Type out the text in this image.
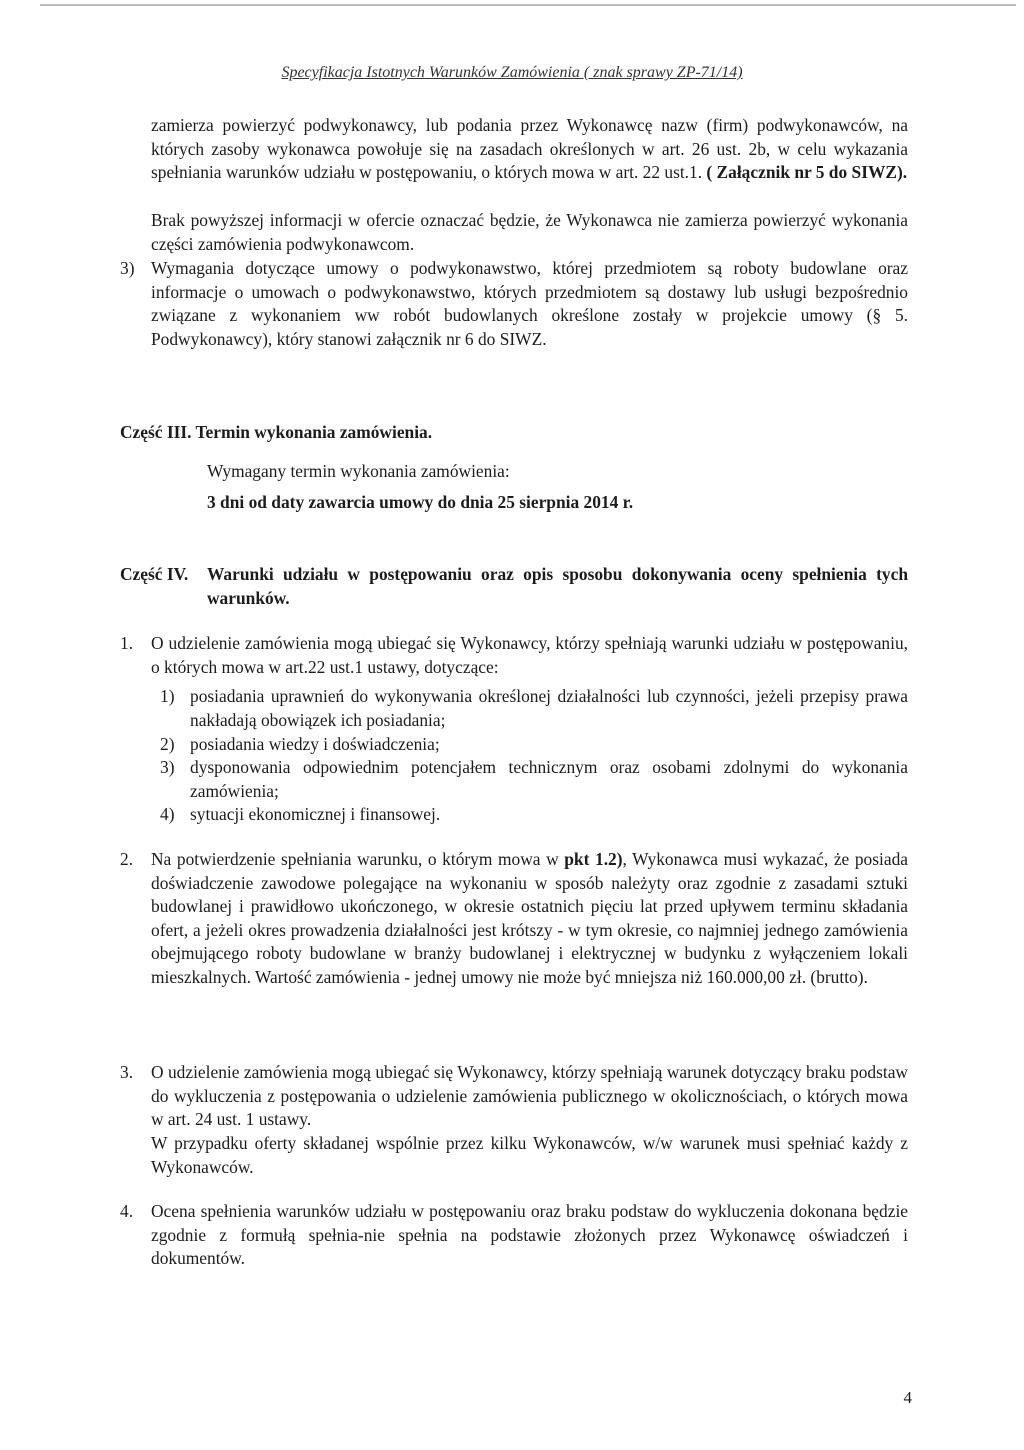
Specyfikacja Istotnych Warunków Zamówienia ( znak sprawy ZP-71/14)
zamierza powierzyć podwykonawcy, lub podania przez Wykonawcę nazw (firm) podwykonawców, na których zasoby wykonawca powołuje się na zasadach określonych w art. 26 ust. 2b, w celu wykazania spełniania warunków udziału w postępowaniu, o których mowa w art. 22 ust.1. ( Załącznik nr 5 do SIWZ).
Brak powyższej informacji w ofercie oznaczać będzie, że Wykonawca nie zamierza powierzyć wykonania części zamówienia podwykonawcom.
3) Wymagania dotyczące umowy o podwykonawstwo, której przedmiotem są roboty budowlane oraz informacje o umowach o podwykonawstwo, których przedmiotem są dostawy lub usługi bezpośrednio związane z wykonaniem ww robót budowlanych określone zostały w projekcie umowy (§ 5. Podwykonawcy), który stanowi załącznik nr 6 do SIWZ.
Część III. Termin wykonania zamówienia.
Wymagany termin wykonania zamówienia:
3 dni od daty zawarcia umowy do dnia 25 sierpnia 2014 r.
Część IV.	Warunki udziału w postępowaniu oraz opis sposobu dokonywania oceny spełnienia tych warunków.
1. O udzielenie zamówienia mogą ubiegać się Wykonawcy, którzy spełniają warunki udziału w postępowaniu, o których mowa w art.22 ust.1 ustawy, dotyczące:
1) posiadania uprawnień do wykonywania określonej działalności lub czynności, jeżeli przepisy prawa nakładają obowiązek ich posiadania;
2) posiadania wiedzy i doświadczenia;
3) dysponowania odpowiednim potencjałem technicznym oraz osobami zdolnymi do wykonania zamówienia;
4) sytuacji ekonomicznej i finansowej.
2. Na potwierdzenie spełniania warunku, o którym mowa w pkt 1.2), Wykonawca musi wykazać, że posiada doświadczenie zawodowe polegające na wykonaniu w sposób należyty oraz zgodnie z zasadami sztuki budowlanej i prawidłowo ukończonego, w okresie ostatnich pięciu lat przed upływem terminu składania ofert, a jeżeli okres prowadzenia działalności jest krótszy - w tym okresie, co najmniej jednego zamówienia obejmującego roboty budowlane w branży budowlanej i elektrycznej w budynku z wyłączeniem lokali mieszkalnych. Wartość zamówienia - jednej umowy nie może być mniejsza niż 160.000,00 zł. (brutto).
3. O udzielenie zamówienia mogą ubiegać się Wykonawcy, którzy spełniają warunek dotyczący braku podstaw do wykluczenia z postępowania o udzielenie zamówienia publicznego w okolicznościach, o których mowa w art. 24 ust. 1 ustawy.
W przypadku oferty składanej wspólnie przez kilku Wykonawców, w/w warunek musi spełniać każdy z Wykonawców.
4. Ocena spełnienia warunków udziału w postępowaniu oraz braku podstaw do wykluczenia dokonana będzie zgodnie z formułą spełnia-nie spełnia na podstawie złożonych przez Wykonawcę oświadczeń i dokumentów.
4
